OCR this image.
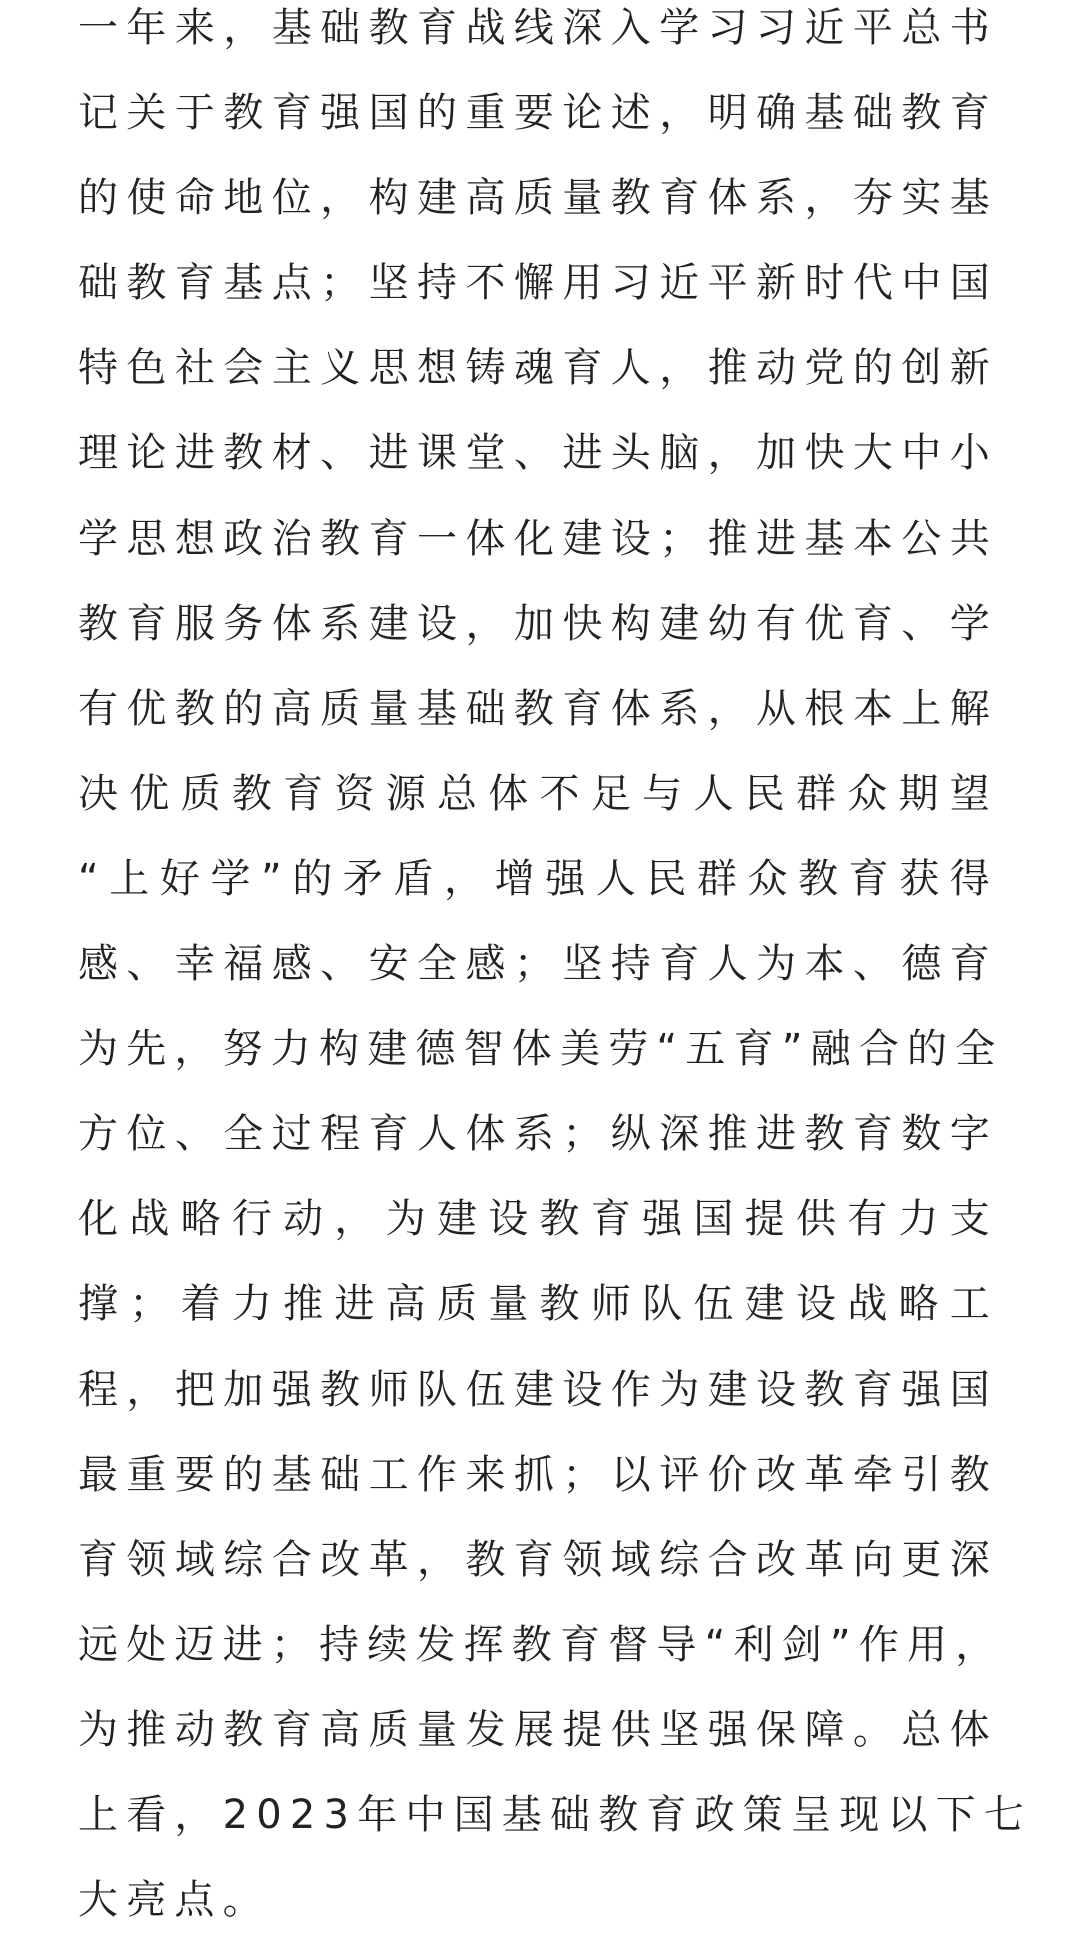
一年来，基础教育战线深入学习习近平总书
记关于教育强国的重要论述，明确基础教育
的使命地位，构建高质量教育体系，夯实基
础教育基点；坚持不懈用习近平新时代中国
特色社会主义思想铸魂育人，推动党的创新
理论进教材、进课堂、进头脑，加快大中小
学思想政治教育一体化建设；推进基本公共
教育服务体系建设，加快构建幼有优育、学
有优教的高质量基础教育体系，从根本上解
决优质教育资源总体不足与人民群众期望
“上好学”的矛盾，增强人民群众教育获得
感、幸福感、安全感；坚持育人为本、德育
为先，努力构建德智体美劳“五育”融合的全
方位、全过程育人体系；纵深推进教育数字
化战略行动，为建设教育强国提供有力支
撑；着力推进高质量教师队伍建设战略工
程，把加强教师队伍建设作为建设教育强国
最重要的基础工作来抓；以评价改革牵引教
育领域综合改革，教育领域综合改革向更深
远处迈进；持续发挥教育督导“利剑”作用，
为推动教育高质量发展提供坚强保障。总体
上看，2023年中国基础教育政策呈现以下七
大亮点。
